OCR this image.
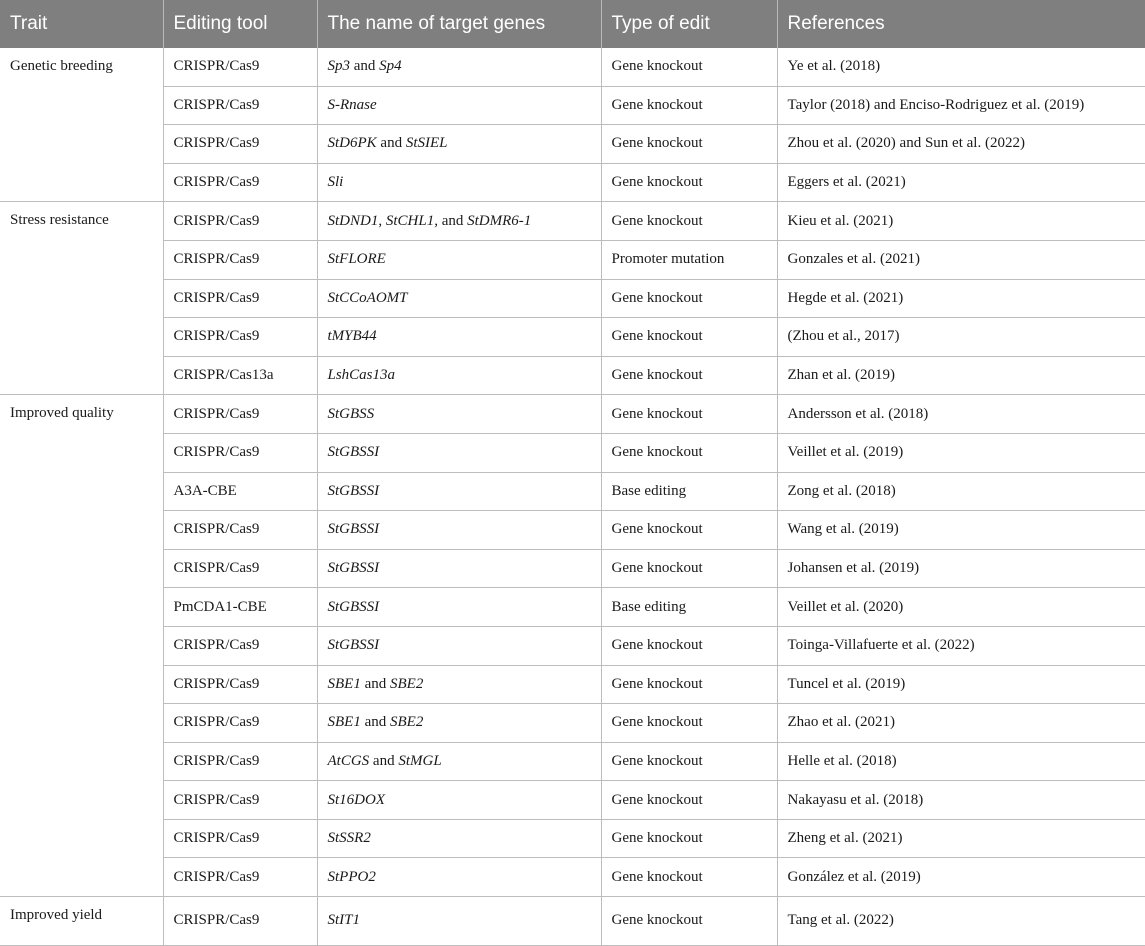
Trait	Editing tool	The name of target genes	Type of edit	References
Genetic breeding	CRISPR/Cas9	Sp3 and Sp4	Gene knockout	Ye et al. (2018)
	CRISPR/Cas9	S-Rnase	Gene knockout	Taylor (2018) and Enciso-Rodriguez et al. (2019)
	CRISPR/Cas9	StD6PK and StSIEL	Gene knockout	Zhou et al. (2020) and Sun et al. (2022)
	CRISPR/Cas9	Sli	Gene knockout	Eggers et al. (2021)
Stress resistance	CRISPR/Cas9	StDND1, StCHL1, and StDMR6-1	Gene knockout	Kieu et al. (2021)
	CRISPR/Cas9	StFLORE	Promoter mutation	Gonzales et al. (2021)
	CRISPR/Cas9	StCCoAOMT	Gene knockout	Hegde et al. (2021)
	CRISPR/Cas9	tMYB44	Gene knockout	(Zhou et al., 2017)
	CRISPR/Cas13a	LshCas13a	Gene knockout	Zhan et al. (2019)
Improved quality	CRISPR/Cas9	StGBSS	Gene knockout	Andersson et al. (2018)
	CRISPR/Cas9	StGBSSI	Gene knockout	Veillet et al. (2019)
	A3A-CBE	StGBSSI	Base editing	Zong et al. (2018)
	CRISPR/Cas9	StGBSSI	Gene knockout	Wang et al. (2019)
	CRISPR/Cas9	StGBSSI	Gene knockout	Johansen et al. (2019)
	PmCDA1-CBE	StGBSSI	Base editing	Veillet et al. (2020)
	CRISPR/Cas9	StGBSSI	Gene knockout	Toinga-Villafuerte et al. (2022)
	CRISPR/Cas9	SBE1 and SBE2	Gene knockout	Tuncel et al. (2019)
	CRISPR/Cas9	SBE1 and SBE2	Gene knockout	Zhao et al. (2021)
	CRISPR/Cas9	AtCGS and StMGL	Gene knockout	Helle et al. (2018)
	CRISPR/Cas9	St16DOX	Gene knockout	Nakayasu et al. (2018)
	CRISPR/Cas9	StSSR2	Gene knockout	Zheng et al. (2021)
	CRISPR/Cas9	StPPO2	Gene knockout	González et al. (2019)
Improved yield	CRISPR/Cas9	StIT1	Gene knockout	Tang et al. (2022)
